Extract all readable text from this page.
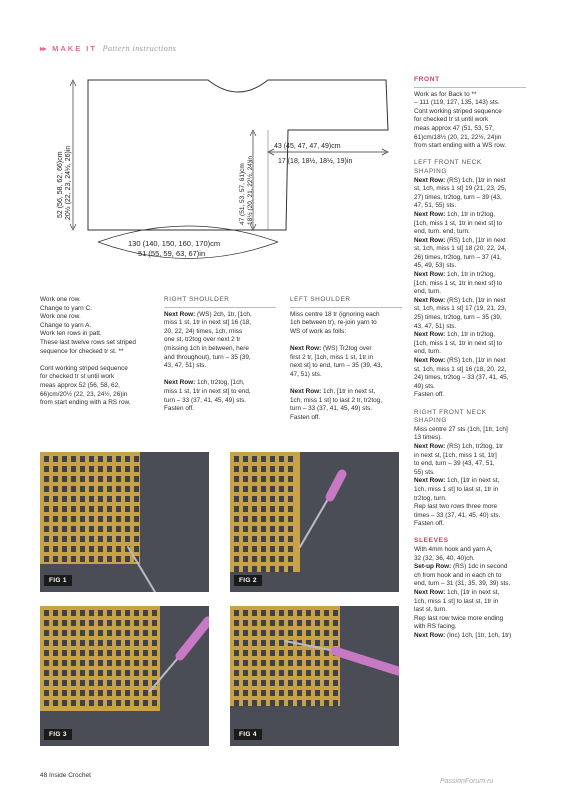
▸▸ MAKE IT Pattern instructions
52 (56, 58, 62, 66)cm 20½ (22, 23, 24½, 26)in	47 (51, 53, 57, 61)cm 18½ (20, 21, 22½, 24)in
43 (45, 47, 47, 49)cm
17 (18, 18½, 18½, 19)in
130 (140, 150, 160, 170)cm
51 (55, 59, 63, 67)in

Work one row.

Change to yarn C.

Work one row.

Change to yarn A.

Work ten rows in patt.

These last twelve rows set striped

sequence for checked tr st. **

Cont working striped sequence

for checked tr st until work

meas approx 52 (56, 58, 62,

66)cm/20½ (22, 23, 24½, 26)in

from start ending with a RS row.

RIGHT SHOULDER

Next Row: (WS) 2ch, 1tr, [1ch,

miss 1 st, 1tr in next st] 16 (18,

20, 22, 24) times, 1ch, miss

one st, tr2tog over next 2 tr

(missing 1ch in between, here

and throughout), turn – 35 (39,

43, 47, 51) sts.

Next Row: 1ch, tr2tog, [1ch,

miss 1 st, 1tr in next st] to end,

turn – 33 (37, 41, 45, 49) sts.

Fasten off.

LEFT SHOULDER

Miss centre 18 tr (ignoring each

1ch between tr), re-join yarn to

WS of work as folls:

Next Row: (WS) Tr2tog over

first 2 tr, [1ch, miss 1 st, 1tr in

next st] to end, turn – 35 (39, 43,

47, 51) sts.

Next Row: 1ch, [1tr in next st,

1ch, miss 1 st] to last 2 tr, tr2tog,

turn – 33 (37, 41, 45, 49) sts.

Fasten off.

FRONT

Work as for Back to **

– 111 (119, 127, 135, 143) sts.

Cont working striped sequence

for checked tr st until work

meas approx 47 (51, 53, 57,

61)cm/18½ (20, 21, 22½, 24)in

from start ending with a WS row.

LEFT FRONT NECK

SHAPING

Next Row: (RS) 1ch, [1tr in next

st, 1ch, miss 1 st] 19 (21, 23, 25,

27) times, tr2tog, turn – 39 (43,

47, 51, 55) sts.

Next Row: 1ch, 1tr in tr2tog,

[1ch, miss 1 st, 1tr in next st] to

end, turn. end, turn.

Next Row: (RS) 1ch, [1tr in next

st, 1ch, miss 1 st] 18 (20, 22, 24,

26) times, tr2tog, turn – 37 (41,

45, 49, 53) sts.

Next Row: 1ch, 1tr in tr2tog,

[1ch, miss 1 st, 1tr in next st] to

end, turn.

Next Row: (RS) 1ch, [1tr in next

st, 1ch, miss 1 st] 17 (19, 21, 23,

25) times, tr2tog, turn – 35 (39,

43, 47, 51) sts.

Next Row: 1ch, 1tr in tr2tog,

[1ch, miss 1 st, 1tr in next st] to

end, turn.

Next Row: (RS) 1ch, [1tr in next

st, 1ch, miss 1 st] 16 (18, 20, 22,

24) times, tr2tog – 33 (37, 41, 45,

49) sts.

Fasten off.

RIGHT FRONT NECK

SHAPING

Miss centre 27 sts (1ch, [1tr, 1ch]

13 times).

Next Row: (RS) 1ch, tr2tog, 1tr

in next st, [1ch, miss 1 st, 1tr]

to end, turn – 39 (43, 47, 51,

55) sts.

Next Row: 1ch, [1tr in next st,

1ch, miss 1 st] to last st, 1tr in

tr2tog, turn.

Rep last two rows three more

times – 33 (37, 41, 45, 40) sts.

Fasten off.

SLEEVES

With 4mm hook and yarn A,

32 (32, 36, 40, 40)ch.

Set-up Row: (RS) 1dc in second

ch from hook and in each ch to

end, turn – 31 (31, 35, 39, 39) sts.

Next Row: 1ch, [1tr in next st,

1ch, miss 1 st] to last st, 1tr in

last st, turn.

Rep last row twice more ending

with RS facing.

Next Row: (Inc) 1ch, [1tr, 1ch, 1tr)

FIG 1	FIG 2
FIG 3	FIG 4
48 Inside Crochet
PassionForum.ru
